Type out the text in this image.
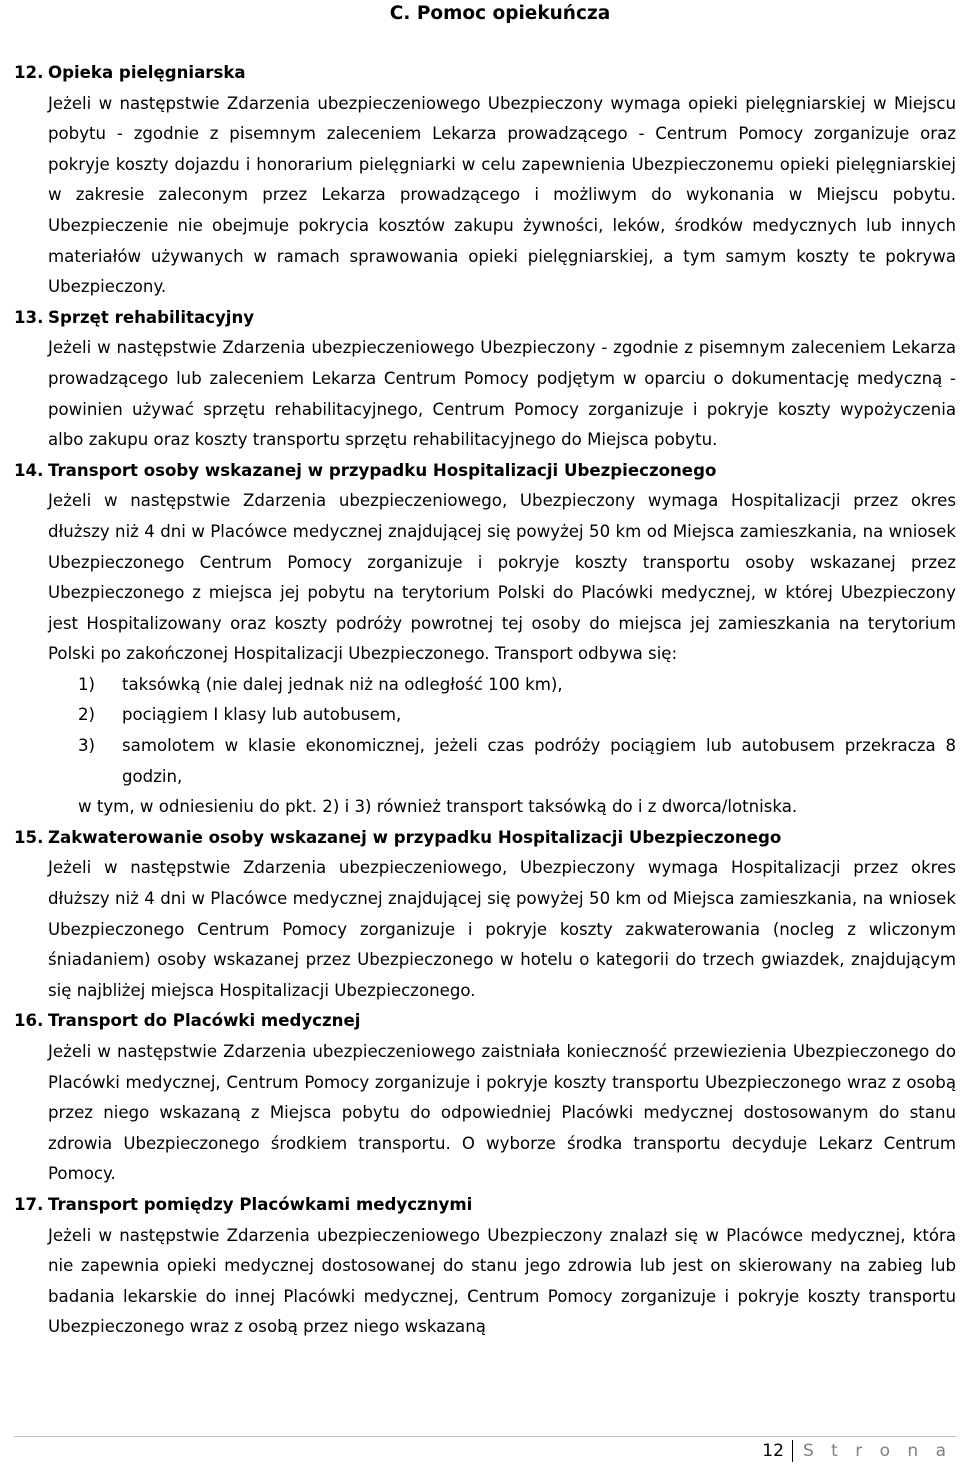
C. Pomoc opiekuńcza
12. Opieka pielęgniarska

Jeżeli w następstwie Zdarzenia ubezpieczeniowego Ubezpieczony wymaga opieki pielęgniarskiej w Miejscu pobytu - zgodnie z pisemnym zaleceniem Lekarza prowadzącego - Centrum Pomocy zorganizuje oraz pokryje koszty dojazdu i honorarium pielęgniarki w celu zapewnienia Ubezpieczonemu opieki pielęgniarskiej w zakresie zaleconym przez Lekarza prowadzącego i możliwym do wykonania w Miejscu pobytu. Ubezpieczenie nie obejmuje pokrycia kosztów zakupu żywności, leków, środków medycznych lub innych materiałów używanych w ramach sprawowania opieki pielęgniarskiej, a tym samym koszty te pokrywa Ubezpieczony.

13. Sprzęt rehabilitacyjny

Jeżeli w następstwie Zdarzenia ubezpieczeniowego Ubezpieczony - zgodnie z pisemnym zaleceniem Lekarza prowadzącego lub zaleceniem Lekarza Centrum Pomocy podjętym w oparciu o dokumentację medyczną - powinien używać sprzętu rehabilitacyjnego, Centrum Pomocy zorganizuje i pokryje koszty wypożyczenia albo zakupu oraz koszty transportu sprzętu rehabilitacyjnego do Miejsca pobytu.

14. Transport osoby wskazanej w przypadku Hospitalizacji Ubezpieczonego

Jeżeli w następstwie Zdarzenia ubezpieczeniowego, Ubezpieczony wymaga Hospitalizacji przez okres dłuższy niż 4 dni w Placówce medycznej znajdującej się powyżej 50 km od Miejsca zamieszkania, na wniosek Ubezpieczonego Centrum Pomocy zorganizuje i pokryje koszty transportu osoby wskazanej przez Ubezpieczonego z miejsca jej pobytu na terytorium Polski do Placówki medycznej, w której Ubezpieczony jest Hospitalizowany oraz koszty podróży powrotnej tej osoby do miejsca jej zamieszkania na terytorium Polski po zakończonej Hospitalizacji Ubezpieczonego. Transport odbywa się:

1)	taksówką (nie dalej jednak niż na odległość 100 km),
2)	pociągiem I klasy lub autobusem,
3)	samolotem w klasie ekonomicznej, jeżeli czas podróży pociągiem lub autobusem przekracza 8 godzin,
w tym, w odniesieniu do pkt. 2) i 3) również transport taksówką do i z dworca/lotniska.
15. Zakwaterowanie osoby wskazanej w przypadku Hospitalizacji Ubezpieczonego

Jeżeli w następstwie Zdarzenia ubezpieczeniowego, Ubezpieczony wymaga Hospitalizacji przez okres dłuższy niż 4 dni w Placówce medycznej znajdującej się powyżej 50 km od Miejsca zamieszkania, na wniosek Ubezpieczonego Centrum Pomocy zorganizuje i pokryje koszty zakwaterowania (nocleg z wliczonym śniadaniem) osoby wskazanej przez Ubezpieczonego w hotelu o kategorii do trzech gwiazdek, znajdującym się najbliżej miejsca Hospitalizacji Ubezpieczonego.

16. Transport do Placówki medycznej

Jeżeli w następstwie Zdarzenia ubezpieczeniowego zaistniała konieczność przewiezienia Ubezpieczonego do Placówki medycznej, Centrum Pomocy zorganizuje i pokryje koszty transportu Ubezpieczonego wraz z osobą przez niego wskazaną z Miejsca pobytu do odpowiedniej Placówki medycznej dostosowanym do stanu zdrowia Ubezpieczonego środkiem transportu. O wyborze środka transportu decyduje Lekarz Centrum Pomocy.

17. Transport pomiędzy Placówkami medycznymi

Jeżeli w następstwie Zdarzenia ubezpieczeniowego Ubezpieczony znalazł się w Placówce medycznej, która nie zapewnia opieki medycznej dostosowanej do stanu jego zdrowia lub jest on skierowany na zabieg lub badania lekarskie do innej Placówki medycznej, Centrum Pomocy zorganizuje i pokryje koszty transportu Ubezpieczonego wraz z osobą przez niego wskazaną

12 S t r o n a
